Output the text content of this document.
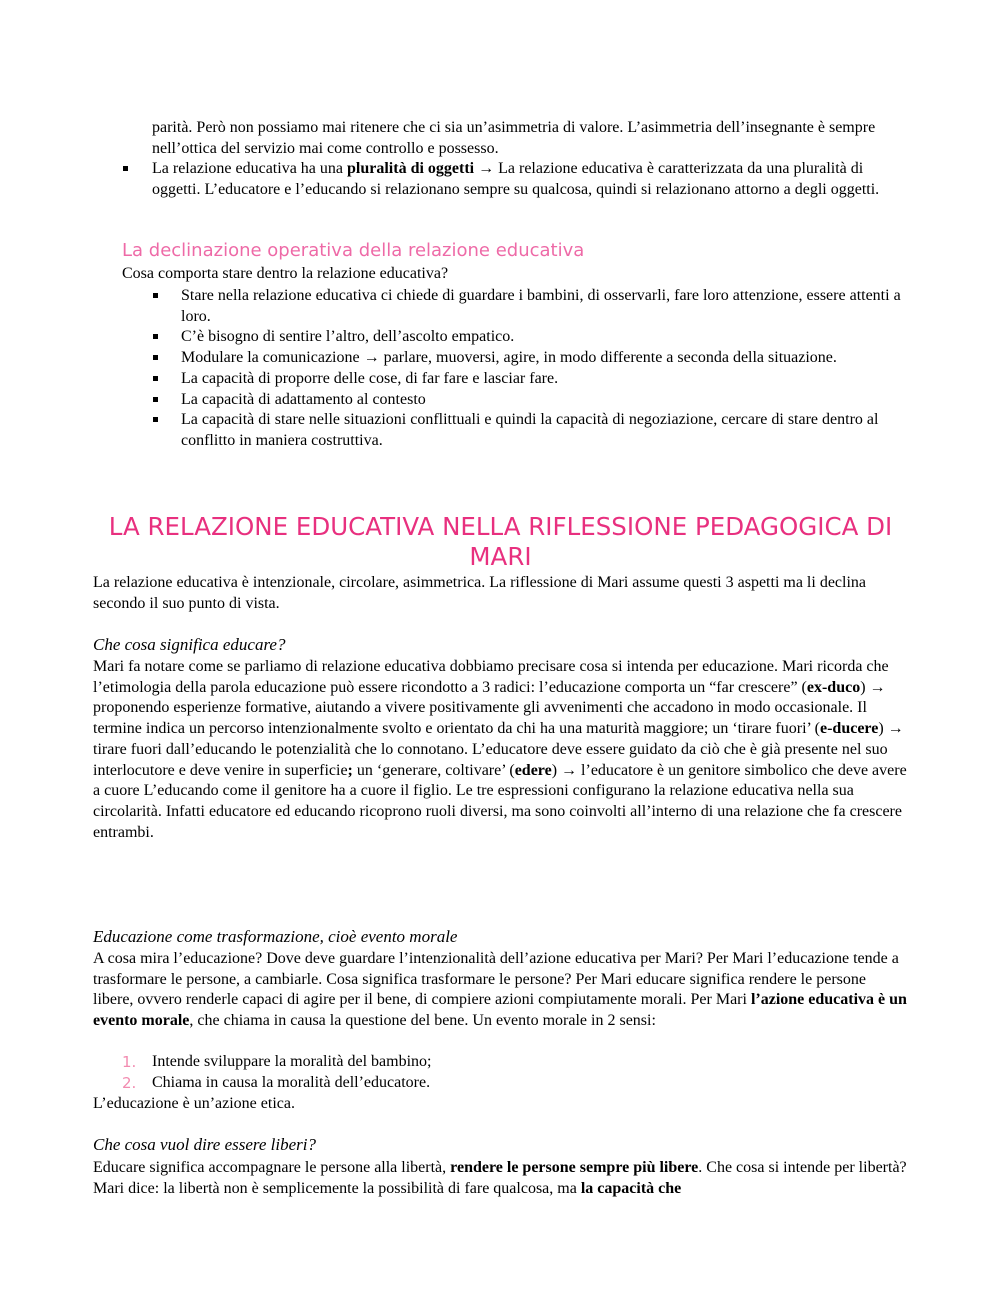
parità. Però non possiamo mai ritenere che ci sia un’asimmetria di valore. L’asimmetria dell’insegnante è sempre nell’ottica del servizio mai come controllo e possesso.

La relazione educativa ha una pluralità di oggetti → La relazione educativa è caratterizzata da una pluralità di oggetti. L’educatore e l’educando si relazionano sempre su qualcosa, quindi si relazionano attorno a degli oggetti.
La declinazione operativa della relazione educativa

Cosa comporta stare dentro la relazione educativa?

Stare nella relazione educativa ci chiede di guardare i bambini, di osservarli, fare loro attenzione, essere attenti a loro.
C’è bisogno di sentire l’altro, dell’ascolto empatico.
Modulare la comunicazione → parlare, muoversi, agire, in modo differente a seconda della situazione.
La capacità di proporre delle cose, di far fare e lasciar fare.
La capacità di adattamento al contesto
La capacità di stare nelle situazioni conflittuali e quindi la capacità di negoziazione, cercare di stare dentro al conflitto in maniera costruttiva.
LA RELAZIONE EDUCATIVA NELLA RIFLESSIONE PEDAGOGICA DI MARI

La relazione educativa è intenzionale, circolare, asimmetrica. La riflessione di Mari assume questi 3 aspetti ma li declina secondo il suo punto di vista.

Che cosa significa educare?

Mari fa notare come se parliamo di relazione educativa dobbiamo precisare cosa si intenda per educazione. Mari ricorda che l’etimologia della parola educazione può essere ricondotto a 3 radici: l’educazione comporta un “far crescere” (ex-duco) → proponendo esperienze formative, aiutando a vivere positivamente gli avvenimenti che accadono in modo occasionale. Il termine indica un percorso intenzionalmente svolto e orientato da chi ha una maturità maggiore; un ‘tirare fuori’ (e-ducere) → tirare fuori dall’educando le potenzialità che lo connotano. L’educatore deve essere guidato da ciò che è già presente nel suo interlocutore e deve venire in superficie; un ‘generare, coltivare’ (edere) → l’educatore è un genitore simbolico che deve avere a cuore L’educando come il genitore ha a cuore il figlio. Le tre espressioni configurano la relazione educativa nella sua circolarità. Infatti educatore ed educando ricoprono ruoli diversi, ma sono coinvolti all’interno di una relazione che fa crescere entrambi.

Educazione come trasformazione, cioè evento morale

A cosa mira l’educazione? Dove deve guardare l’intenzionalità dell’azione educativa per Mari? Per Mari l’educazione tende a trasformare le persone, a cambiarle. Cosa significa trasformare le persone? Per Mari educare significa rendere le persone libere, ovvero renderle capaci di agire per il bene, di compiere azioni compiutamente morali. Per Mari l’azione educativa è un evento morale, che chiama in causa la questione del bene. Un evento morale in 2 sensi:

1. Intende sviluppare la moralità del bambino;
2. Chiama in causa la moralità dell’educatore.

L’educazione è un’azione etica.

Che cosa vuol dire essere liberi?

Educare significa accompagnare le persone alla libertà, rendere le persone sempre più libere. Che cosa si intende per libertà? Mari dice: la libertà non è semplicemente la possibilità di fare qualcosa, ma la capacità che
